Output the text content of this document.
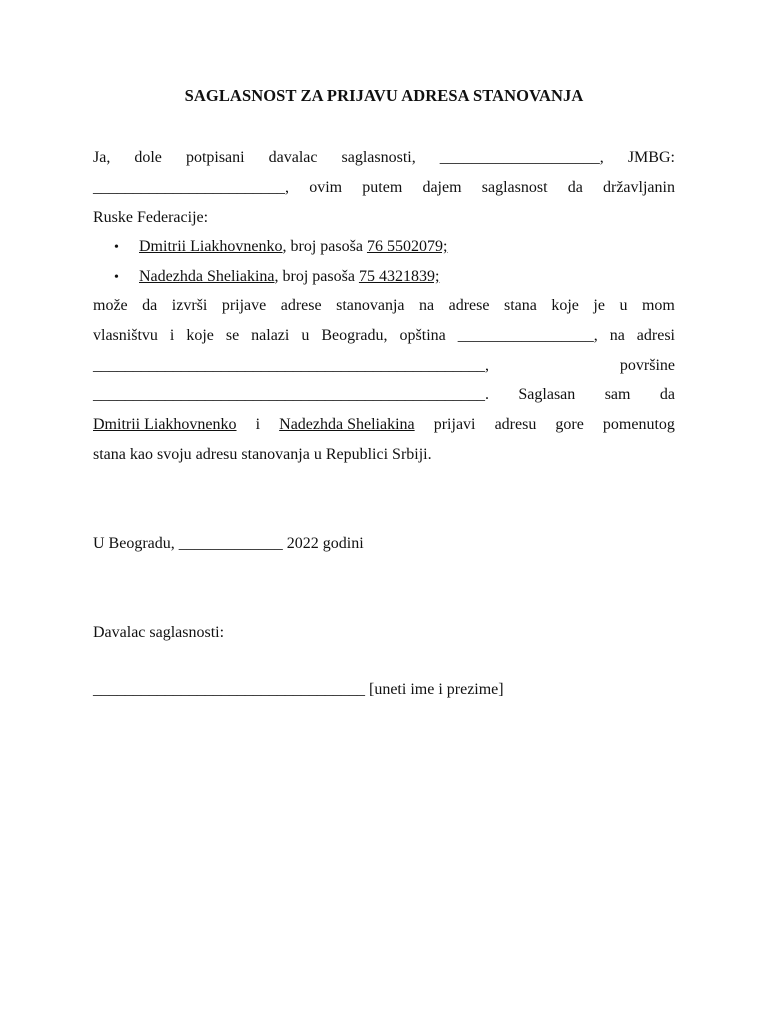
SAGLASNOST ZA PRIJAVU ADRESA STANOVANJA
Ja, dole potpisani davalac saglasnosti, ____________________, JMBG:
________________________, ovim putem dajem saglasnost da državljanin
Ruske Federacije:
• Dmitrii Liakhovnenko, broj pasoša 76 5502079;
• Nadezhda Sheliakina, broj pasoša 75 4321839;
može da izvrši prijave adrese stanovanja na adrese stana koje je u mom
vlasništvu i koje se nalazi u Beogradu, opština _________________, na adresi
_________________________________________________,	površine
_________________________________________________. Saglasan sam da
Dmitrii Liakhovnenko i Nadezhda Sheliakina prijavi adresu gore pomenutog
stana kao svoju adresu stanovanja u Republici Srbiji.
U Beogradu, _____________ 2022 godini
Davalac saglasnosti:
__________________________________ [uneti ime i prezime]
